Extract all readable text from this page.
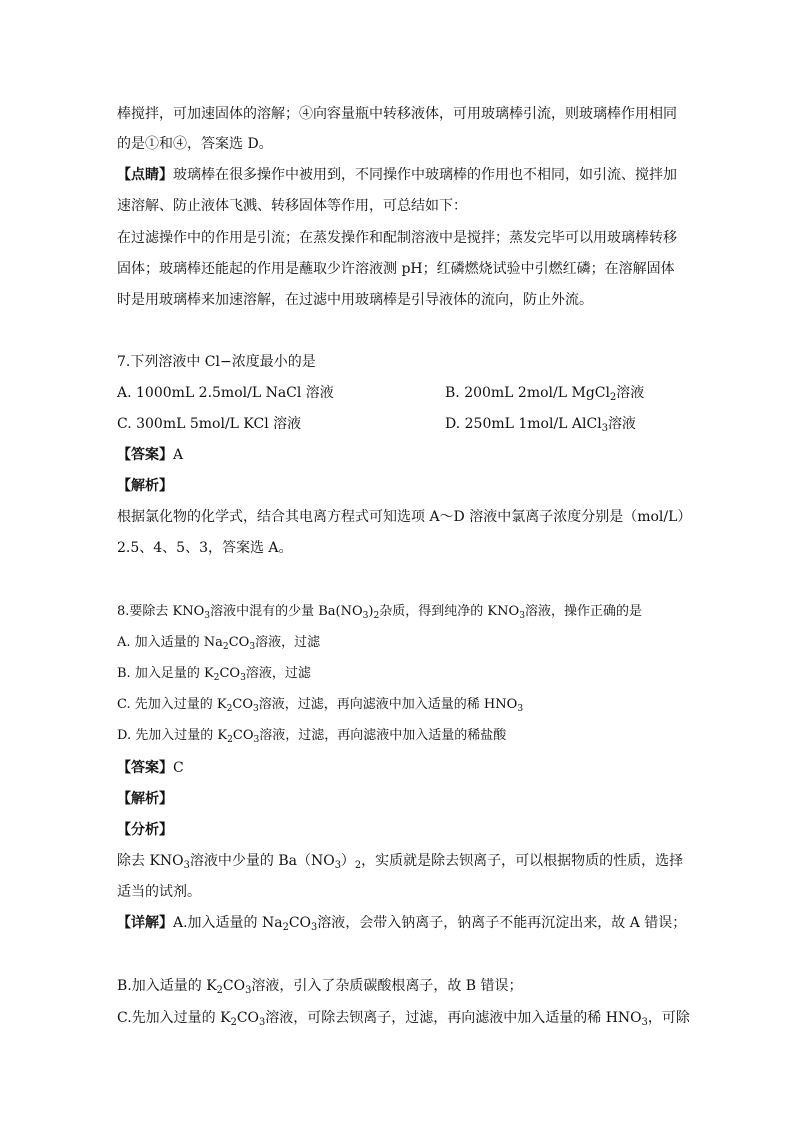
棒搅拌，可加速固体的溶解；④向容量瓶中转移液体，可用玻璃棒引流，则玻璃棒作用相同
的是①和④，答案选 D。
【点睛】玻璃棒在很多操作中被用到，不同操作中玻璃棒的作用也不相同，如引流、搅拌加
速溶解、防止液体飞溅、转移固体等作用，可总结如下：
在过滤操作中的作用是引流；在蒸发操作和配制溶液中是搅拌；蒸发完毕可以用玻璃棒转移
固体；玻璃棒还能起的作用是蘸取少许溶液测 pH；红磷燃烧试验中引燃红磷；在溶解固体
时是用玻璃棒来加速溶解，在过滤中用玻璃棒是引导液体的流向，防止外流。
7.下列溶液中 Cl−浓度最小的是
A. 1000mL 2.5mol/L NaCl 溶液	B. 200mL 2mol/L MgCl$_2$溶液
C. 300mL 5mol/L KCl 溶液	D. 250mL 1mol/L AlCl$_3$溶液
【答案】A
【解析】
根据氯化物的化学式，结合其电离方程式可知选项 A～D 溶液中氯离子浓度分别是（mol/L）
2.5、4、5、3，答案选 A。
8.要除去 $KNO_3$溶液中混有的少量 $Ba(NO_3)_2$杂质，得到纯净的 $KNO_3$溶液，操作正确的是
A. 加入适量的 $Na_2CO_3$溶液，过滤
B. 加入足量的 $K_2CO_3$溶液，过滤
C. 先加入过量的 $K_2CO_3$溶液，过滤，再向滤液中加入适量的稀 $HNO_3$
D. 先加入过量的 $K_2CO_3$溶液，过滤，再向滤液中加入适量的稀盐酸
【答案】C
【解析】
【分析】
除去 $KNO_3$溶液中少量的 $Ba(NO_3)_2$，实质就是除去钡离子，可以根据物质的性质，选择
适当的试剂。
【详解】A.加入适量的 $Na_2CO_3$溶液，会带入钠离子，钠离子不能再沉淀出来，故 A 错误；
B.加入适量的 $K_2CO_3$溶液，引入了杂质碳酸根离子，故 B 错误；
C.先加入过量的 $K_2CO_3$溶液，可除去钡离子，过滤，再向滤液中加入适量的稀 $HNO_3$，可除
